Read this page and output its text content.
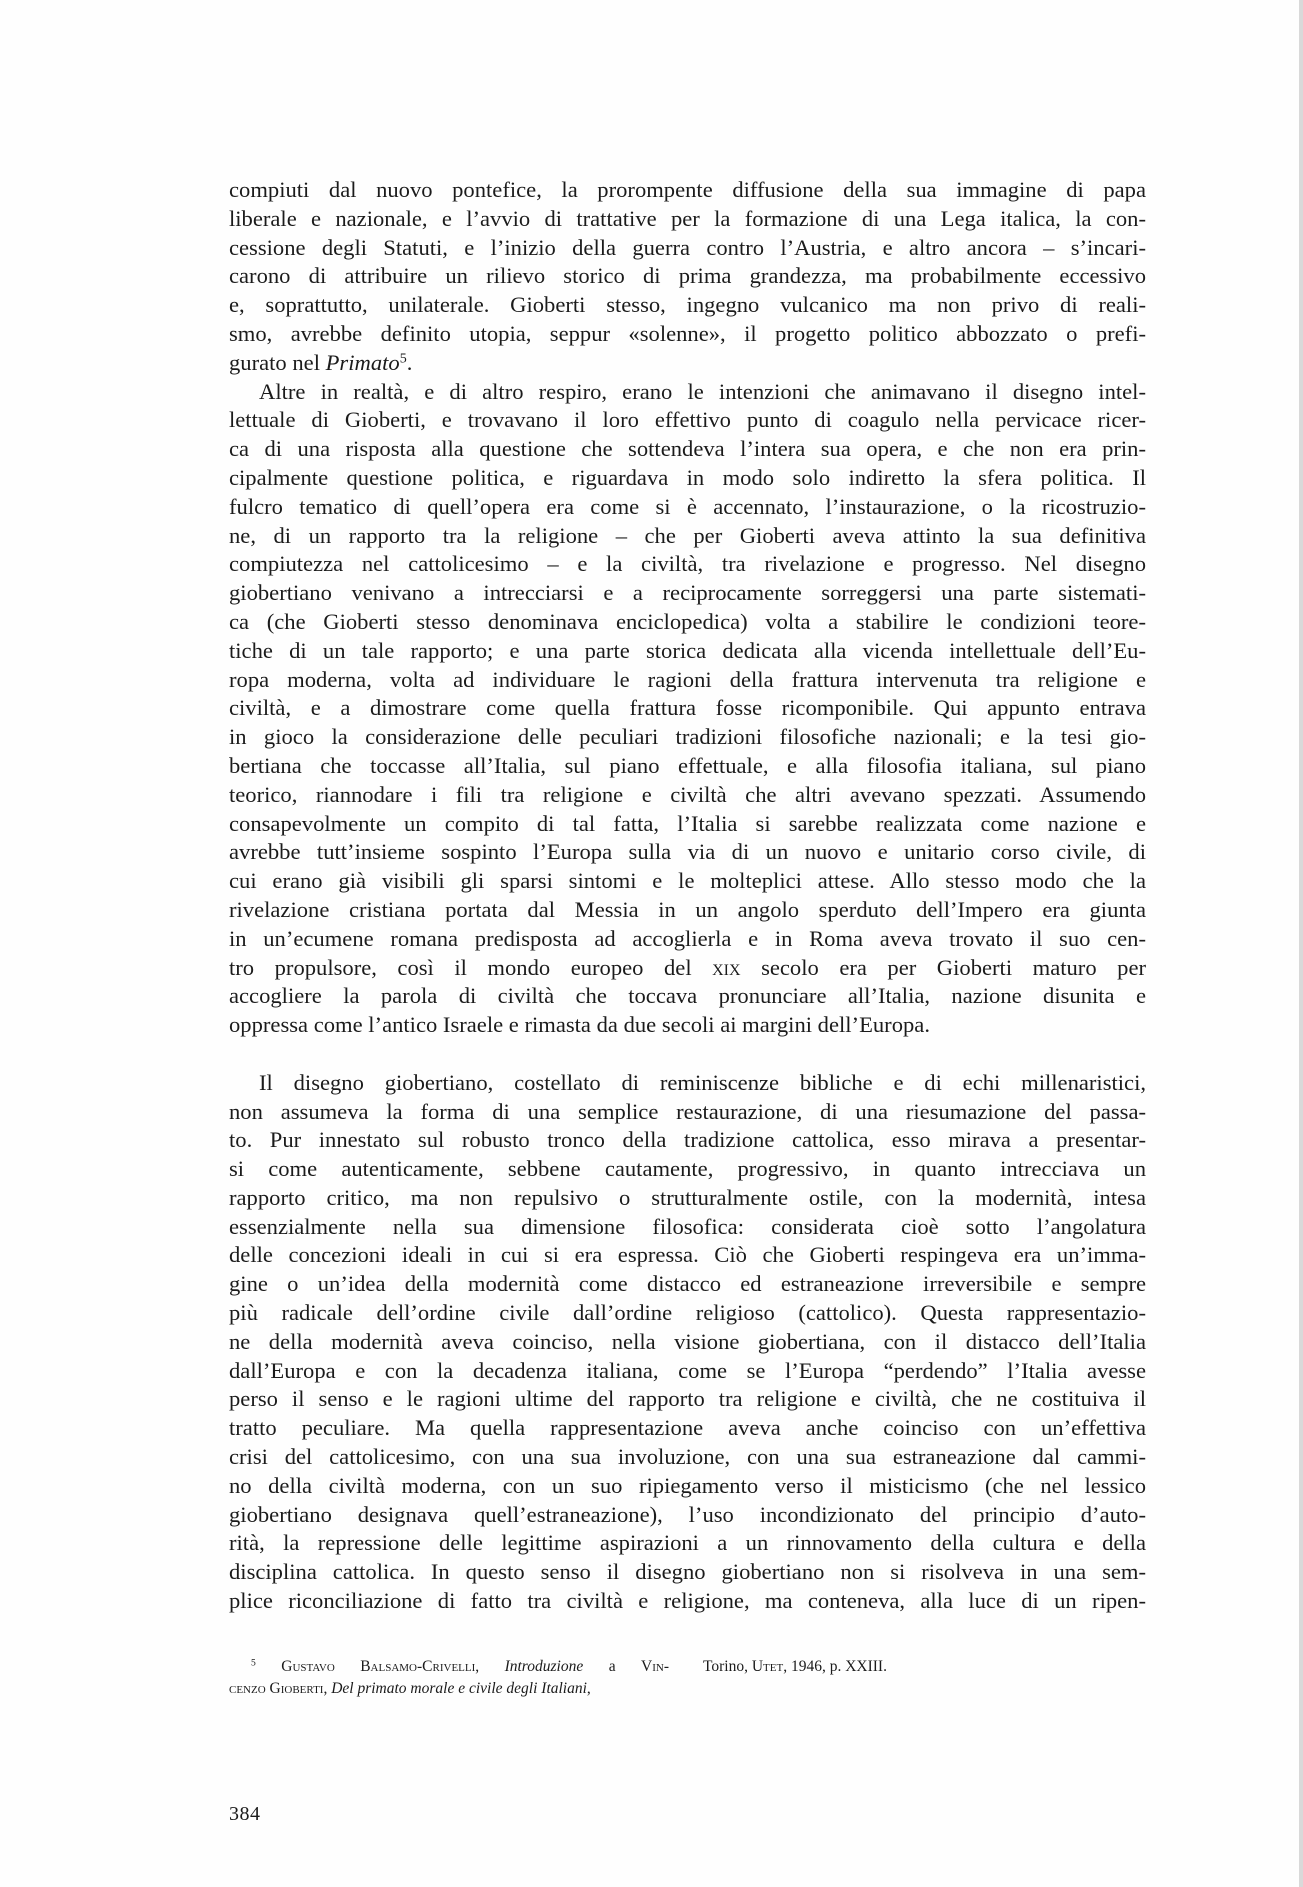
compiuti dal nuovo pontefice, la prorompente diffusione della sua immagine di papa
liberale e nazionale, e l’avvio di trattative per la formazione di una Lega italica, la con-
cessione degli Statuti, e l’inizio della guerra contro l’Austria, e altro ancora – s’incari-
carono di attribuire un rilievo storico di prima grandezza, ma probabilmente eccessivo
e, soprattutto, unilaterale. Gioberti stesso, ingegno vulcanico ma non privo di reali-
smo, avrebbe definito utopia, seppur «solenne», il progetto politico abbozzato o prefi-
gurato nel Primato$^5$.
Altre in realtà, e di altro respiro, erano le intenzioni che animavano il disegno intel-
lettuale di Gioberti, e trovavano il loro effettivo punto di coagulo nella pervicace ricer-
ca di una risposta alla questione che sottendeva l’intera sua opera, e che non era prin-
cipalmente questione politica, e riguardava in modo solo indiretto la sfera politica. Il
fulcro tematico di quell’opera era come si è accennato, l’instaurazione, o la ricostruzio-
ne, di un rapporto tra la religione – che per Gioberti aveva attinto la sua definitiva
compiutezza nel cattolicesimo – e la civiltà, tra rivelazione e progresso. Nel disegno
giobertiano venivano a intrecciarsi e a reciprocamente sorreggersi una parte sistemati-
ca (che Gioberti stesso denominava enciclopedica) volta a stabilire le condizioni teore-
tiche di un tale rapporto; e una parte storica dedicata alla vicenda intellettuale dell’Eu-
ropa moderna, volta ad individuare le ragioni della frattura intervenuta tra religione e
civiltà, e a dimostrare come quella frattura fosse ricomponibile. Qui appunto entrava
in gioco la considerazione delle peculiari tradizioni filosofiche nazionali; e la tesi gio-
bertiana che toccasse all’Italia, sul piano effettuale, e alla filosofia italiana, sul piano
teorico, riannodare i fili tra religione e civiltà che altri avevano spezzati. Assumendo
consapevolmente un compito di tal fatta, l’Italia si sarebbe realizzata come nazione e
avrebbe tutt’insieme sospinto l’Europa sulla via di un nuovo e unitario corso civile, di
cui erano già visibili gli sparsi sintomi e le molteplici attese. Allo stesso modo che la
rivelazione cristiana portata dal Messia in un angolo sperduto dell’Impero era giunta
in un’ecumene romana predisposta ad accoglierla e in Roma aveva trovato il suo cen-
tro propulsore, così il mondo europeo del xix secolo era per Gioberti maturo per
accogliere la parola di civiltà che toccava pronunciare all’Italia, nazione disunita e
oppressa come l’antico Israele e rimasta da due secoli ai margini dell’Europa.
Il disegno giobertiano, costellato di reminiscenze bibliche e di echi millenaristici,
non assumeva la forma di una semplice restaurazione, di una riesumazione del passa-
to. Pur innestato sul robusto tronco della tradizione cattolica, esso mirava a presentar-
si come autenticamente, sebbene cautamente, progressivo, in quanto intrecciava un
rapporto critico, ma non repulsivo o strutturalmente ostile, con la modernità, intesa
essenzialmente nella sua dimensione filosofica: considerata cioè sotto l’angolatura
delle concezioni ideali in cui si era espressa. Ciò che Gioberti respingeva era un’imma-
gine o un’idea della modernità come distacco ed estraneazione irreversibile e sempre
più radicale dell’ordine civile dall’ordine religioso (cattolico). Questa rappresentazio-
ne della modernità aveva coinciso, nella visione giobertiana, con il distacco dell’Italia
dall’Europa e con la decadenza italiana, come se l’Europa “perdendo” l’Italia avesse
perso il senso e le ragioni ultime del rapporto tra religione e civiltà, che ne costituiva il
tratto peculiare. Ma quella rappresentazione aveva anche coinciso con un’effettiva
crisi del cattolicesimo, con una sua involuzione, con una sua estraneazione dal cammi-
no della civiltà moderna, con un suo ripiegamento verso il misticismo (che nel lessico
giobertiano designava quell’estraneazione), l’uso incondizionato del principio d’auto-
rità, la repressione delle legittime aspirazioni a un rinnovamento della cultura e della
disciplina cattolica. In questo senso il disegno giobertiano non si risolveva in una sem-
plice riconciliazione di fatto tra civiltà e religione, ma conteneva, alla luce di un ripen-
$^5$ Gustavo Balsamo-Crivelli, Introduzione a Vin-
cenzo Gioberti, Del primato morale e civile degli Italiani,
Torino, Utet, 1946, p. XXIII.
384
